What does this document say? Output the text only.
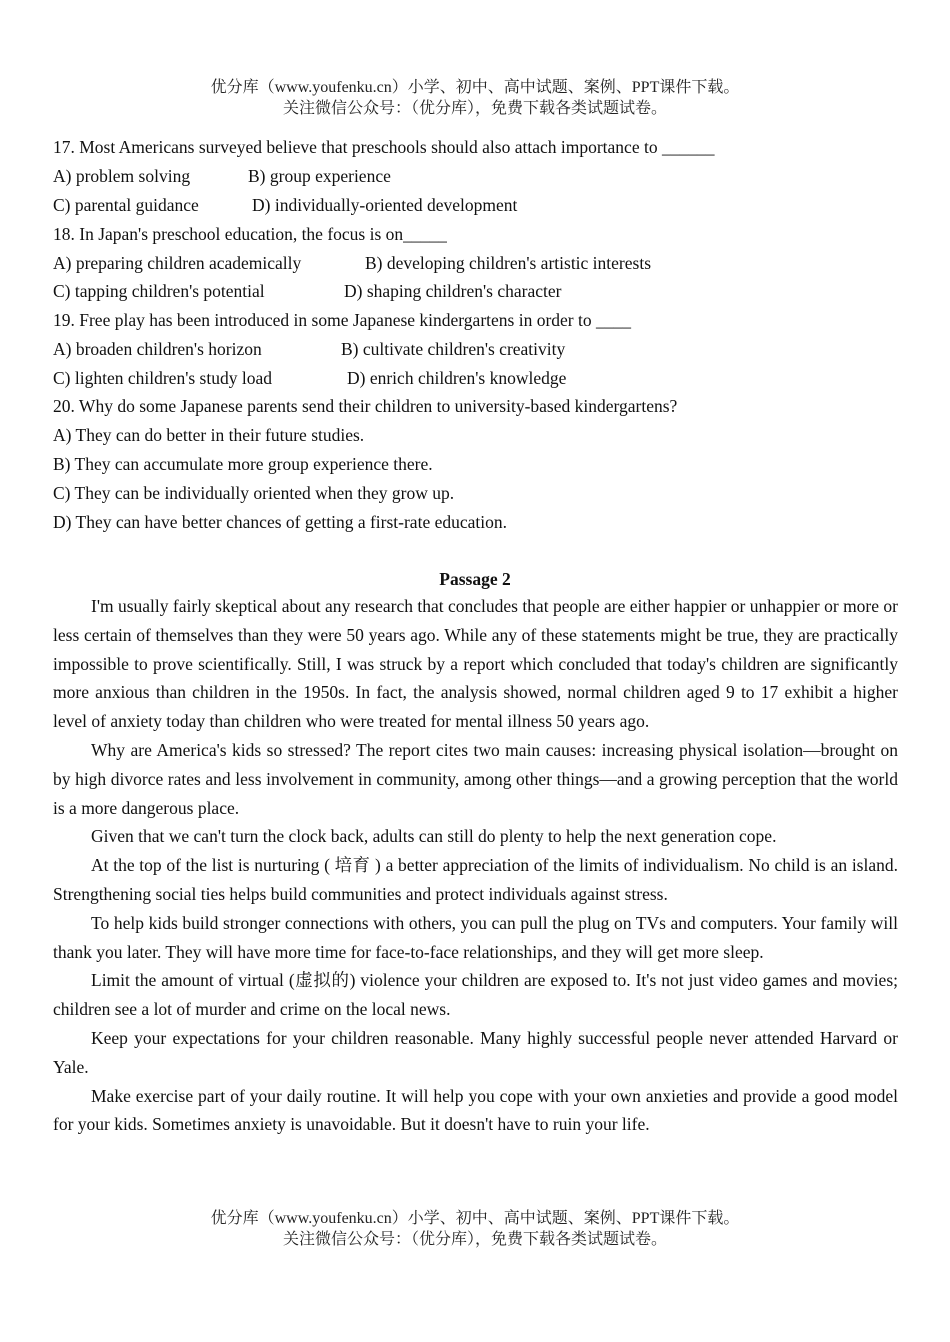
优分库（www.youfenku.cn）小学、初中、高中试题、案例、PPT课件下载。
关注微信公众号：（优分库），免费下载各类试题试卷。
17. Most Americans surveyed believe that preschools should also attach importance to ______
A) problem solving	B) group experience
C) parental guidance	D) individually-oriented development
18. In Japan's preschool education, the focus is on_____
A) preparing children academically	B) developing children's artistic interests
C) tapping children's potential	D) shaping children's character
19. Free play has been introduced in some Japanese kindergartens in order to ____
A) broaden children's horizon	B) cultivate children's creativity
C) lighten children's study load	D) enrich children's knowledge
20. Why do some Japanese parents send their children to university-based kindergartens?
A) They can do better in their future studies.
B) They can accumulate more group experience there.
C) They can be individually oriented when they grow up.
D) They can have better chances of getting a first-rate education.
Passage 2

I'm usually fairly skeptical about any research that concludes that people are either happier or unhappier or more or less certain of themselves than they were 50 years ago. While any of these statements might be true, they are practically impossible to prove scientifically. Still, I was struck by a report which concluded that today's children are significantly more anxious than children in the 1950s. In fact, the analysis showed, normal children aged 9 to 17 exhibit a higher level of anxiety today than children who were treated for mental illness 50 years ago.

Why are America's kids so stressed? The report cites two main causes: increasing physical isolation—brought on by high divorce rates and less involvement in community, among other things—and a growing perception that the world is a more dangerous place.

Given that we can't turn the clock back, adults can still do plenty to help the next generation cope.

At the top of the list is nurturing ( 培育 ) a better appreciation of the limits of individualism. No child is an island. Strengthening social ties helps build communities and protect individuals against stress.

To help kids build stronger connections with others, you can pull the plug on TVs and computers. Your family will thank you later. They will have more time for face-to-face relationships, and they will get more sleep.

Limit the amount of virtual (虚拟的) violence your children are exposed to. It's not just video games and movies; children see a lot of murder and crime on the local news.

Keep your expectations for your children reasonable. Many highly successful people never attended Harvard or Yale.

Make exercise part of your daily routine. It will help you cope with your own anxieties and provide a good model for your kids. Sometimes anxiety is unavoidable. But it doesn't have to ruin your life.

优分库（www.youfenku.cn）小学、初中、高中试题、案例、PPT课件下载。
关注微信公众号：（优分库），免费下载各类试题试卷。
